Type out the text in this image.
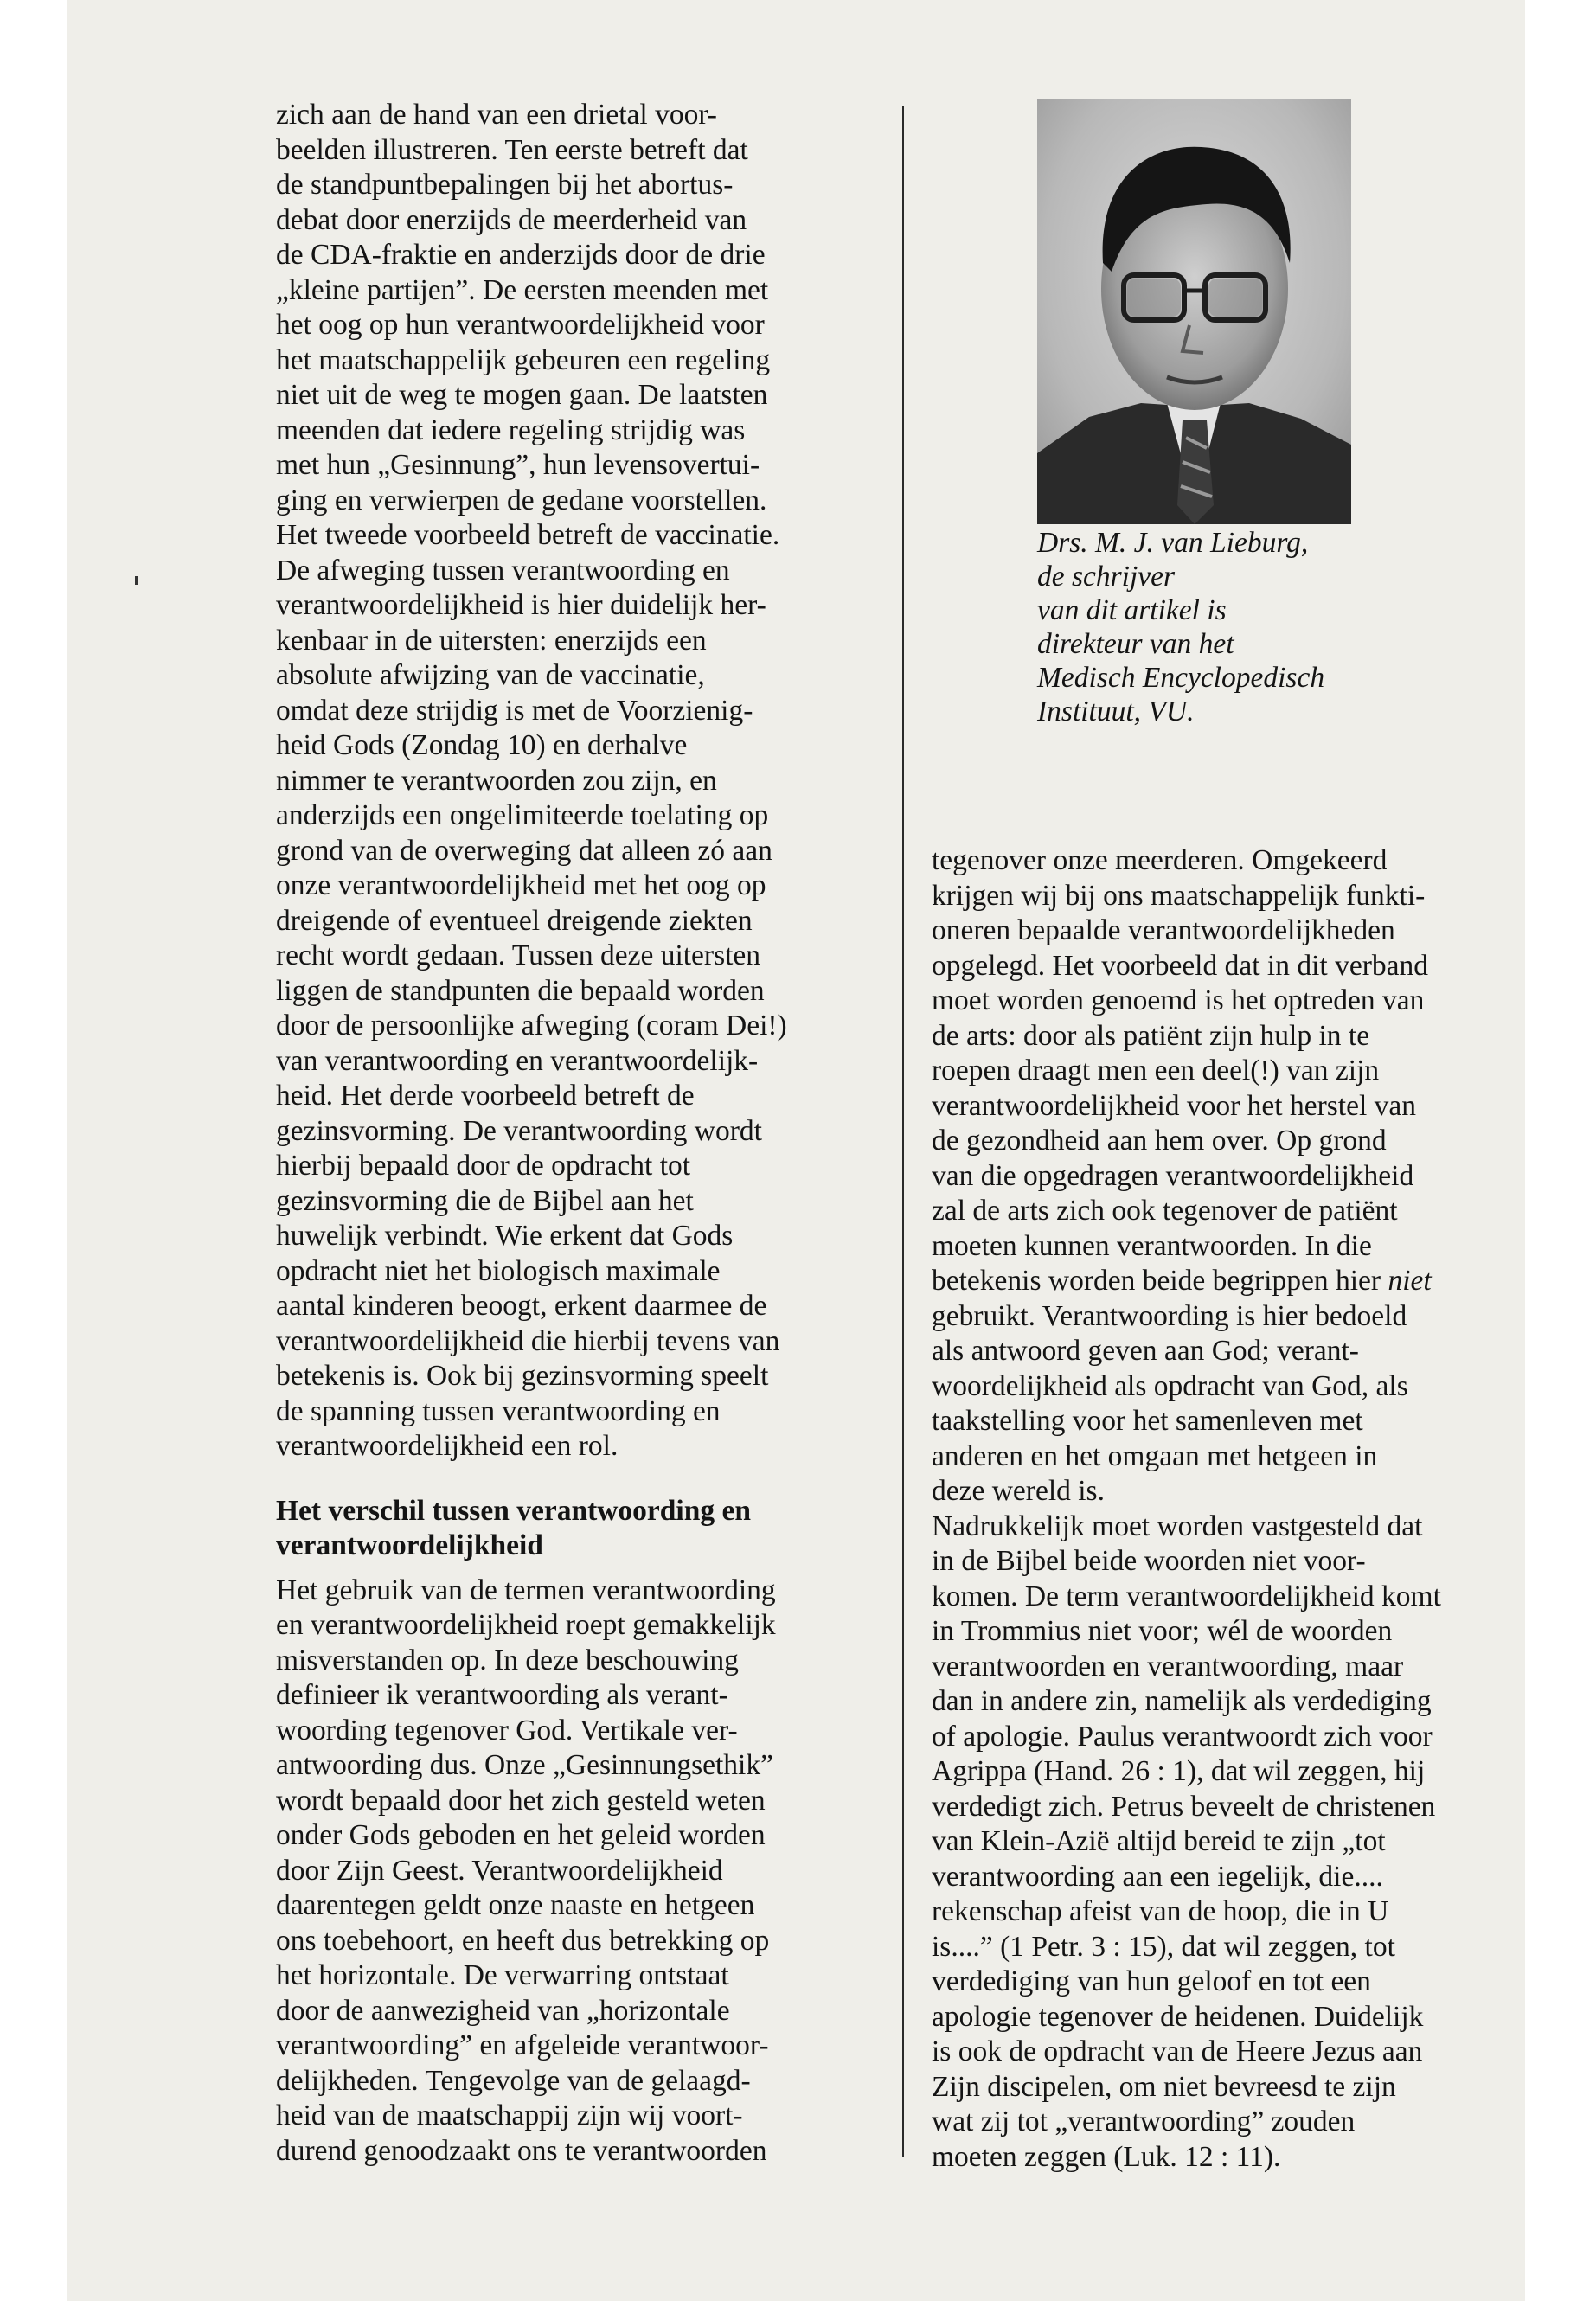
zich aan de hand van een drietal voor-
beelden illustreren. Ten eerste betreft dat
de standpuntbepalingen bij het abortus-
debat door enerzijds de meerderheid van
de CDA-fraktie en anderzijds door de drie
„kleine partijen”. De eersten meenden met
het oog op hun verantwoordelijkheid voor
het maatschappelijk gebeuren een regeling
niet uit de weg te mogen gaan. De laatsten
meenden dat iedere regeling strijdig was
met hun „Gesinnung”, hun levensovertui-
ging en verwierpen de gedane voorstellen.
Het tweede voorbeeld betreft de vaccinatie.
De afweging tussen verantwoording en
verantwoordelijkheid is hier duidelijk her-
kenbaar in de uitersten: enerzijds een
absolute afwijzing van de vaccinatie,
omdat deze strijdig is met de Voorzienig-
heid Gods (Zondag 10) en derhalve
nimmer te verantwoorden zou zijn, en
anderzijds een ongelimiteerde toelating op
grond van de overweging dat alleen zó aan
onze verantwoordelijkheid met het oog op
dreigende of eventueel dreigende ziekten
recht wordt gedaan. Tussen deze uitersten
liggen de standpunten die bepaald worden
door de persoonlijke afweging (coram Dei!)
van verantwoording en verantwoordelijk-
heid. Het derde voorbeeld betreft de
gezinsvorming. De verantwoording wordt
hierbij bepaald door de opdracht tot
gezinsvorming die de Bijbel aan het
huwelijk verbindt. Wie erkent dat Gods
opdracht niet het biologisch maximale
aantal kinderen beoogt, erkent daarmee de
verantwoordelijkheid die hierbij tevens van
betekenis is. Ook bij gezinsvorming speelt
de spanning tussen verantwoording en
verantwoordelijkheid een rol.

Het verschil tussen verantwoording en
verantwoordelijkheid

Het gebruik van de termen verantwoording
en verantwoordelijkheid roept gemakkelijk
misverstanden op. In deze beschouwing
definieer ik verantwoording als verant-
woording tegenover God. Vertikale ver-
antwoording dus. Onze „Gesinnungsethik”
wordt bepaald door het zich gesteld weten
onder Gods geboden en het geleid worden
door Zijn Geest. Verantwoordelijkheid
daarentegen geldt onze naaste en hetgeen
ons toebehoort, en heeft dus betrekking op
het horizontale. De verwarring ontstaat
door de aanwezigheid van „horizontale
verantwoording” en afgeleide verantwoor-
delijkheden. Tengevolge van de gelaagd-
heid van de maatschappij zijn wij voort-
durend genoodzaakt ons te verantwoorden

Drs. M. J. van Lieburg,
de schrijver
van dit artikel is
direkteur van het
Medisch Encyclopedisch
Instituut, VU.

tegenover onze meerderen. Omgekeerd
krijgen wij bij ons maatschappelijk funkti-
oneren bepaalde verantwoordelijkheden
opgelegd. Het voorbeeld dat in dit verband
moet worden genoemd is het optreden van
de arts: door als patiënt zijn hulp in te
roepen draagt men een deel(!) van zijn
verantwoordelijkheid voor het herstel van
de gezondheid aan hem over. Op grond
van die opgedragen verantwoordelijkheid
zal de arts zich ook tegenover de patiënt
moeten kunnen verantwoorden. In die
betekenis worden beide begrippen hier niet
gebruikt. Verantwoording is hier bedoeld
als antwoord geven aan God; verant-
woordelijkheid als opdracht van God, als
taakstelling voor het samenleven met
anderen en het omgaan met hetgeen in
deze wereld is.

Nadrukkelijk moet worden vastgesteld dat
in de Bijbel beide woorden niet voor-
komen. De term verantwoordelijkheid komt
in Trommius niet voor; wél de woorden
verantwoorden en verantwoording, maar
dan in andere zin, namelijk als verdediging
of apologie. Paulus verantwoordt zich voor
Agrippa (Hand. 26 : 1), dat wil zeggen, hij
verdedigt zich. Petrus beveelt de christenen
van Klein-Azië altijd bereid te zijn „tot
verantwoording aan een iegelijk, die....
rekenschap afeist van de hoop, die in U
is....” (1 Petr. 3 : 15), dat wil zeggen, tot
verdediging van hun geloof en tot een
apologie tegenover de heidenen. Duidelijk
is ook de opdracht van de Heere Jezus aan
Zijn discipelen, om niet bevreesd te zijn
wat zij tot „verantwoording” zouden
moeten zeggen (Luk. 12 : 11).
